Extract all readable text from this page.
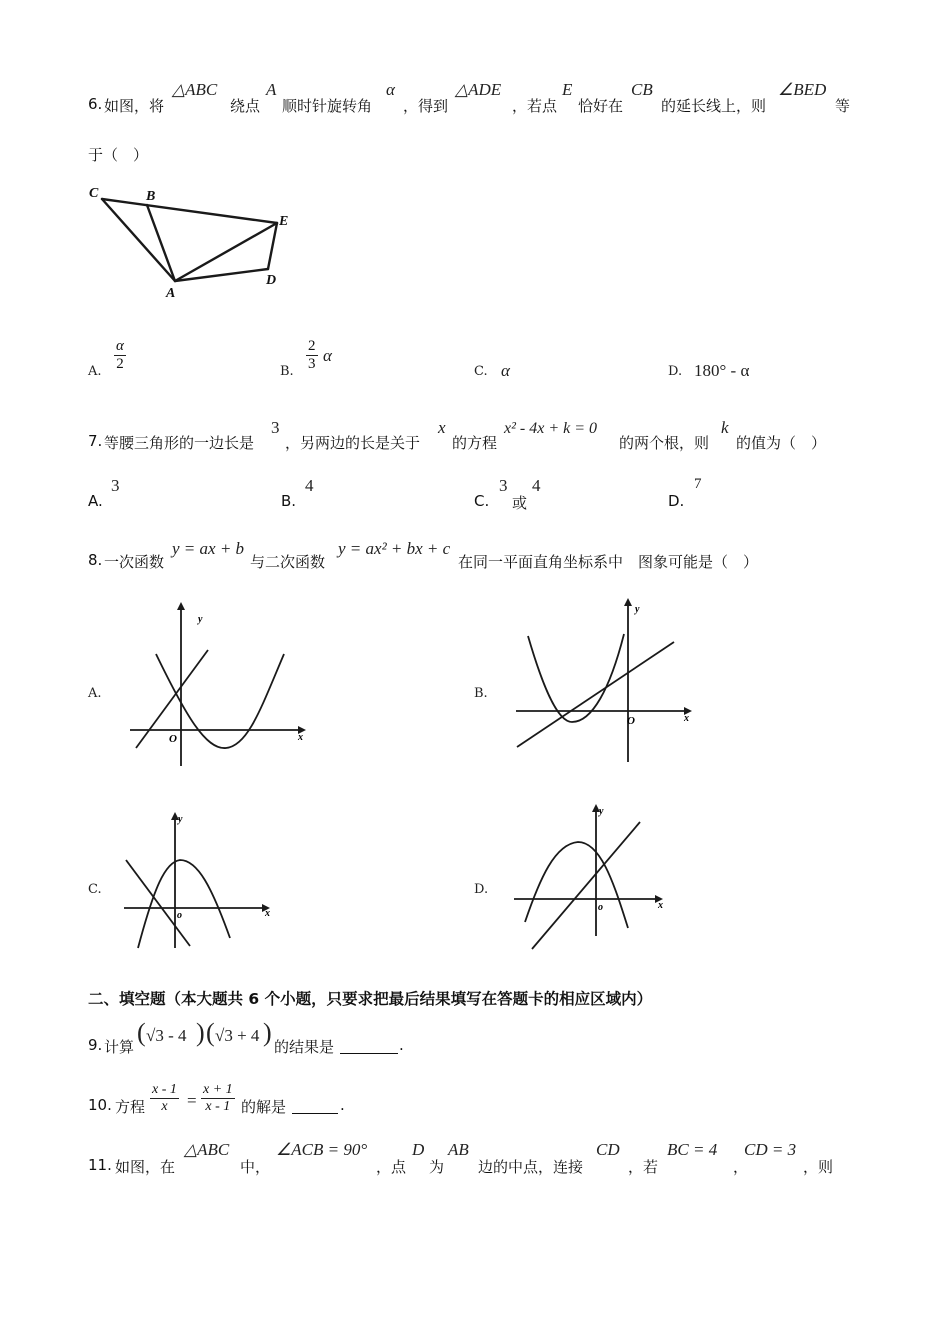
6. 如图，将
△ABC
绕点
A
顺时针旋转角
α
，得到
△ADE
，若点
E
恰好在
CB
的延长线上，则
∠BED
等
于（　）
C	B
E
A
D
A. $\frac{\alpha}{2}$	B. $\frac{2}{3}$ α
C. α	D. 180° - α
7. 等腰三角形的一边长是
3
，另两边的长是关于
x
的方程
x² - 4x + k = 0
的两个根，则
k
的值为（　）
A.
3
B.
4
C.
3
或
4
D.
7
8. 一次函数
y = ax + b
与二次函数
y = ax² + bx + c
在同一平面直角坐标系中　图象可能是（　）
A.
y
x
O
B.
y
x
O
C.
y
x
o
D.
y
x
o
二、填空题（本大题共 6 个小题，只要求把最后结果填写在答题卡的相应区域内）
9. 计算 ( √3 - 4 ) ( √3 + 4 ) 的结果是	.
10. 方程 $\frac{x - 1}{x} = \frac{x + 1}{x - 1}$ 的解是	.
11. 如图，在
△ABC
中，
∠ACB = 90°
，点
D
为
AB
边的中点，连接
CD
，若
BC = 4
，
CD = 3
，则
